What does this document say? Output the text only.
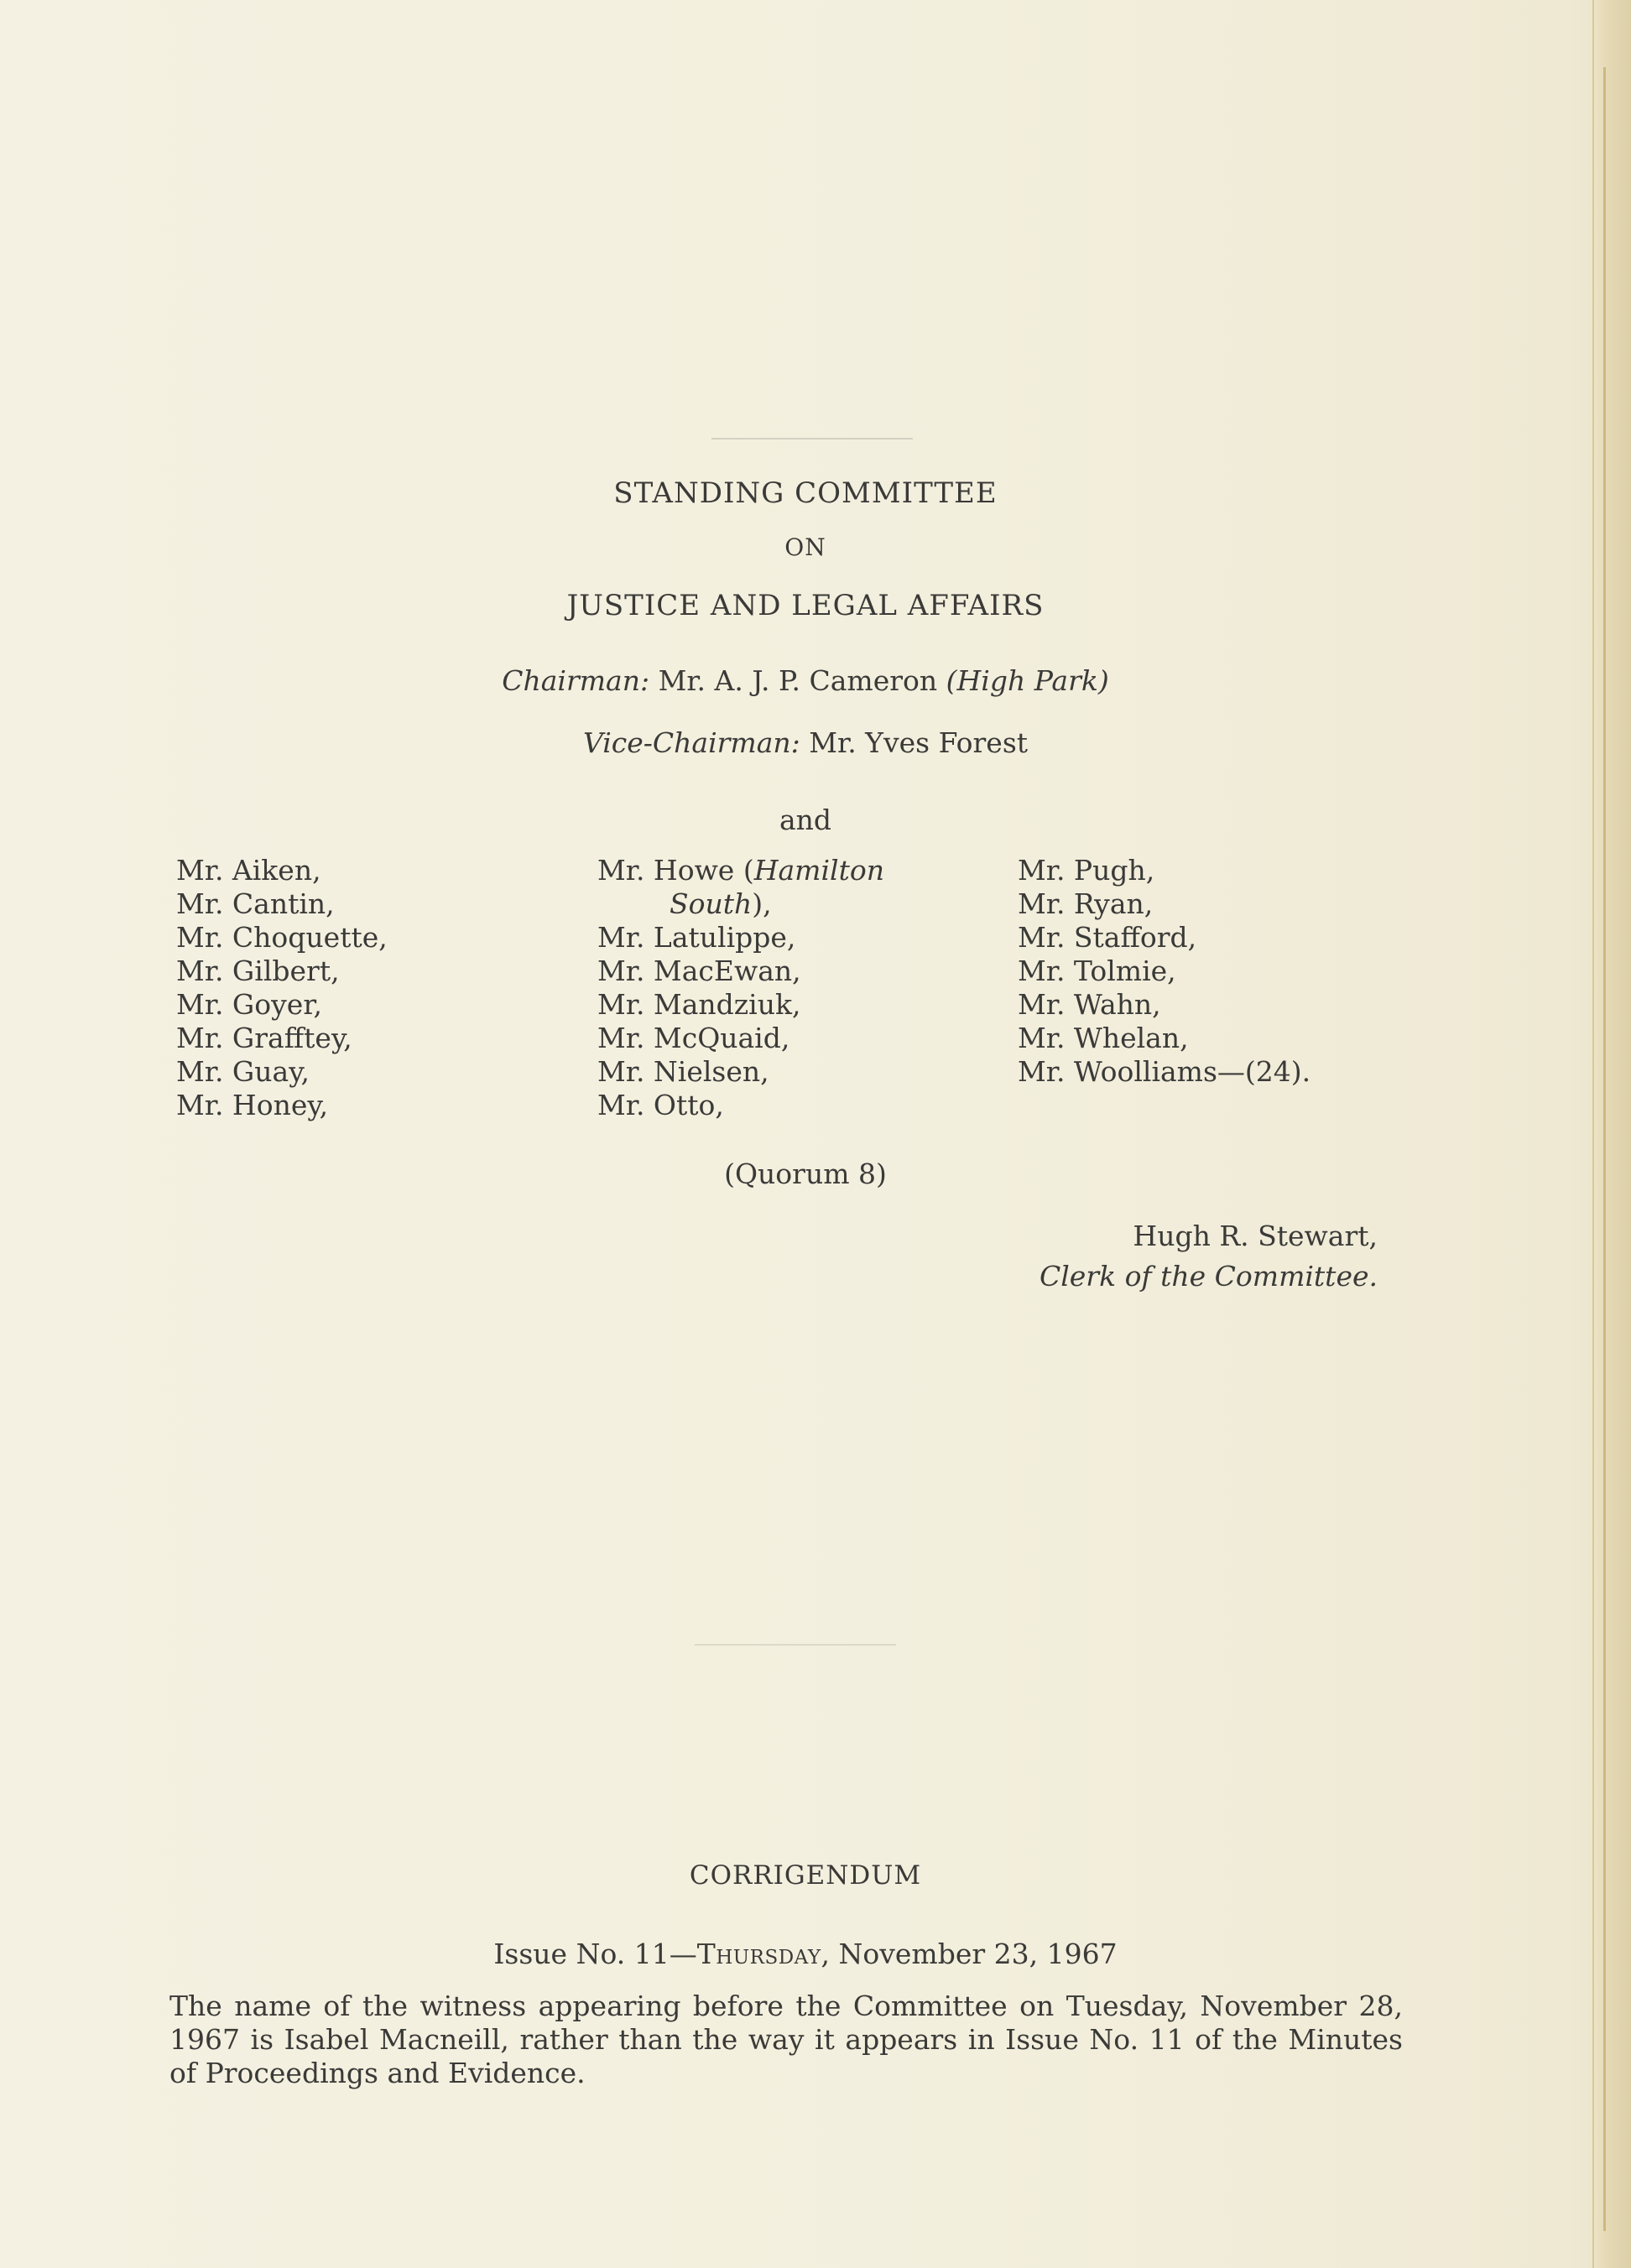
STANDING COMMITTEE
ON
JUSTICE AND LEGAL AFFAIRS
Chairman: Mr. A. J. P. Cameron (High Park)
Vice-Chairman: Mr. Yves Forest
and
Mr. Aiken,
Mr. Cantin,
Mr. Choquette,
Mr. Gilbert,
Mr. Goyer,
Mr. Grafftey,
Mr. Guay,
Mr. Honey,
Mr. Howe (Hamilton
South),
Mr. Latulippe,
Mr. MacEwan,
Mr. Mandziuk,
Mr. McQuaid,
Mr. Nielsen,
Mr. Otto,
Mr. Pugh,
Mr. Ryan,
Mr. Stafford,
Mr. Tolmie,
Mr. Wahn,
Mr. Whelan,
Mr. Woolliams—(24).
(Quorum 8)
Hugh R. Stewart,
Clerk of the Committee.
CORRIGENDUM
Issue No. 11—Thursday, November 23, 1967
The name of the witness appearing before the Committee on Tuesday, November 28, 1967 is Isabel Macneill, rather than the way it appears in Issue No. 11 of the Minutes of Proceedings and Evidence.
